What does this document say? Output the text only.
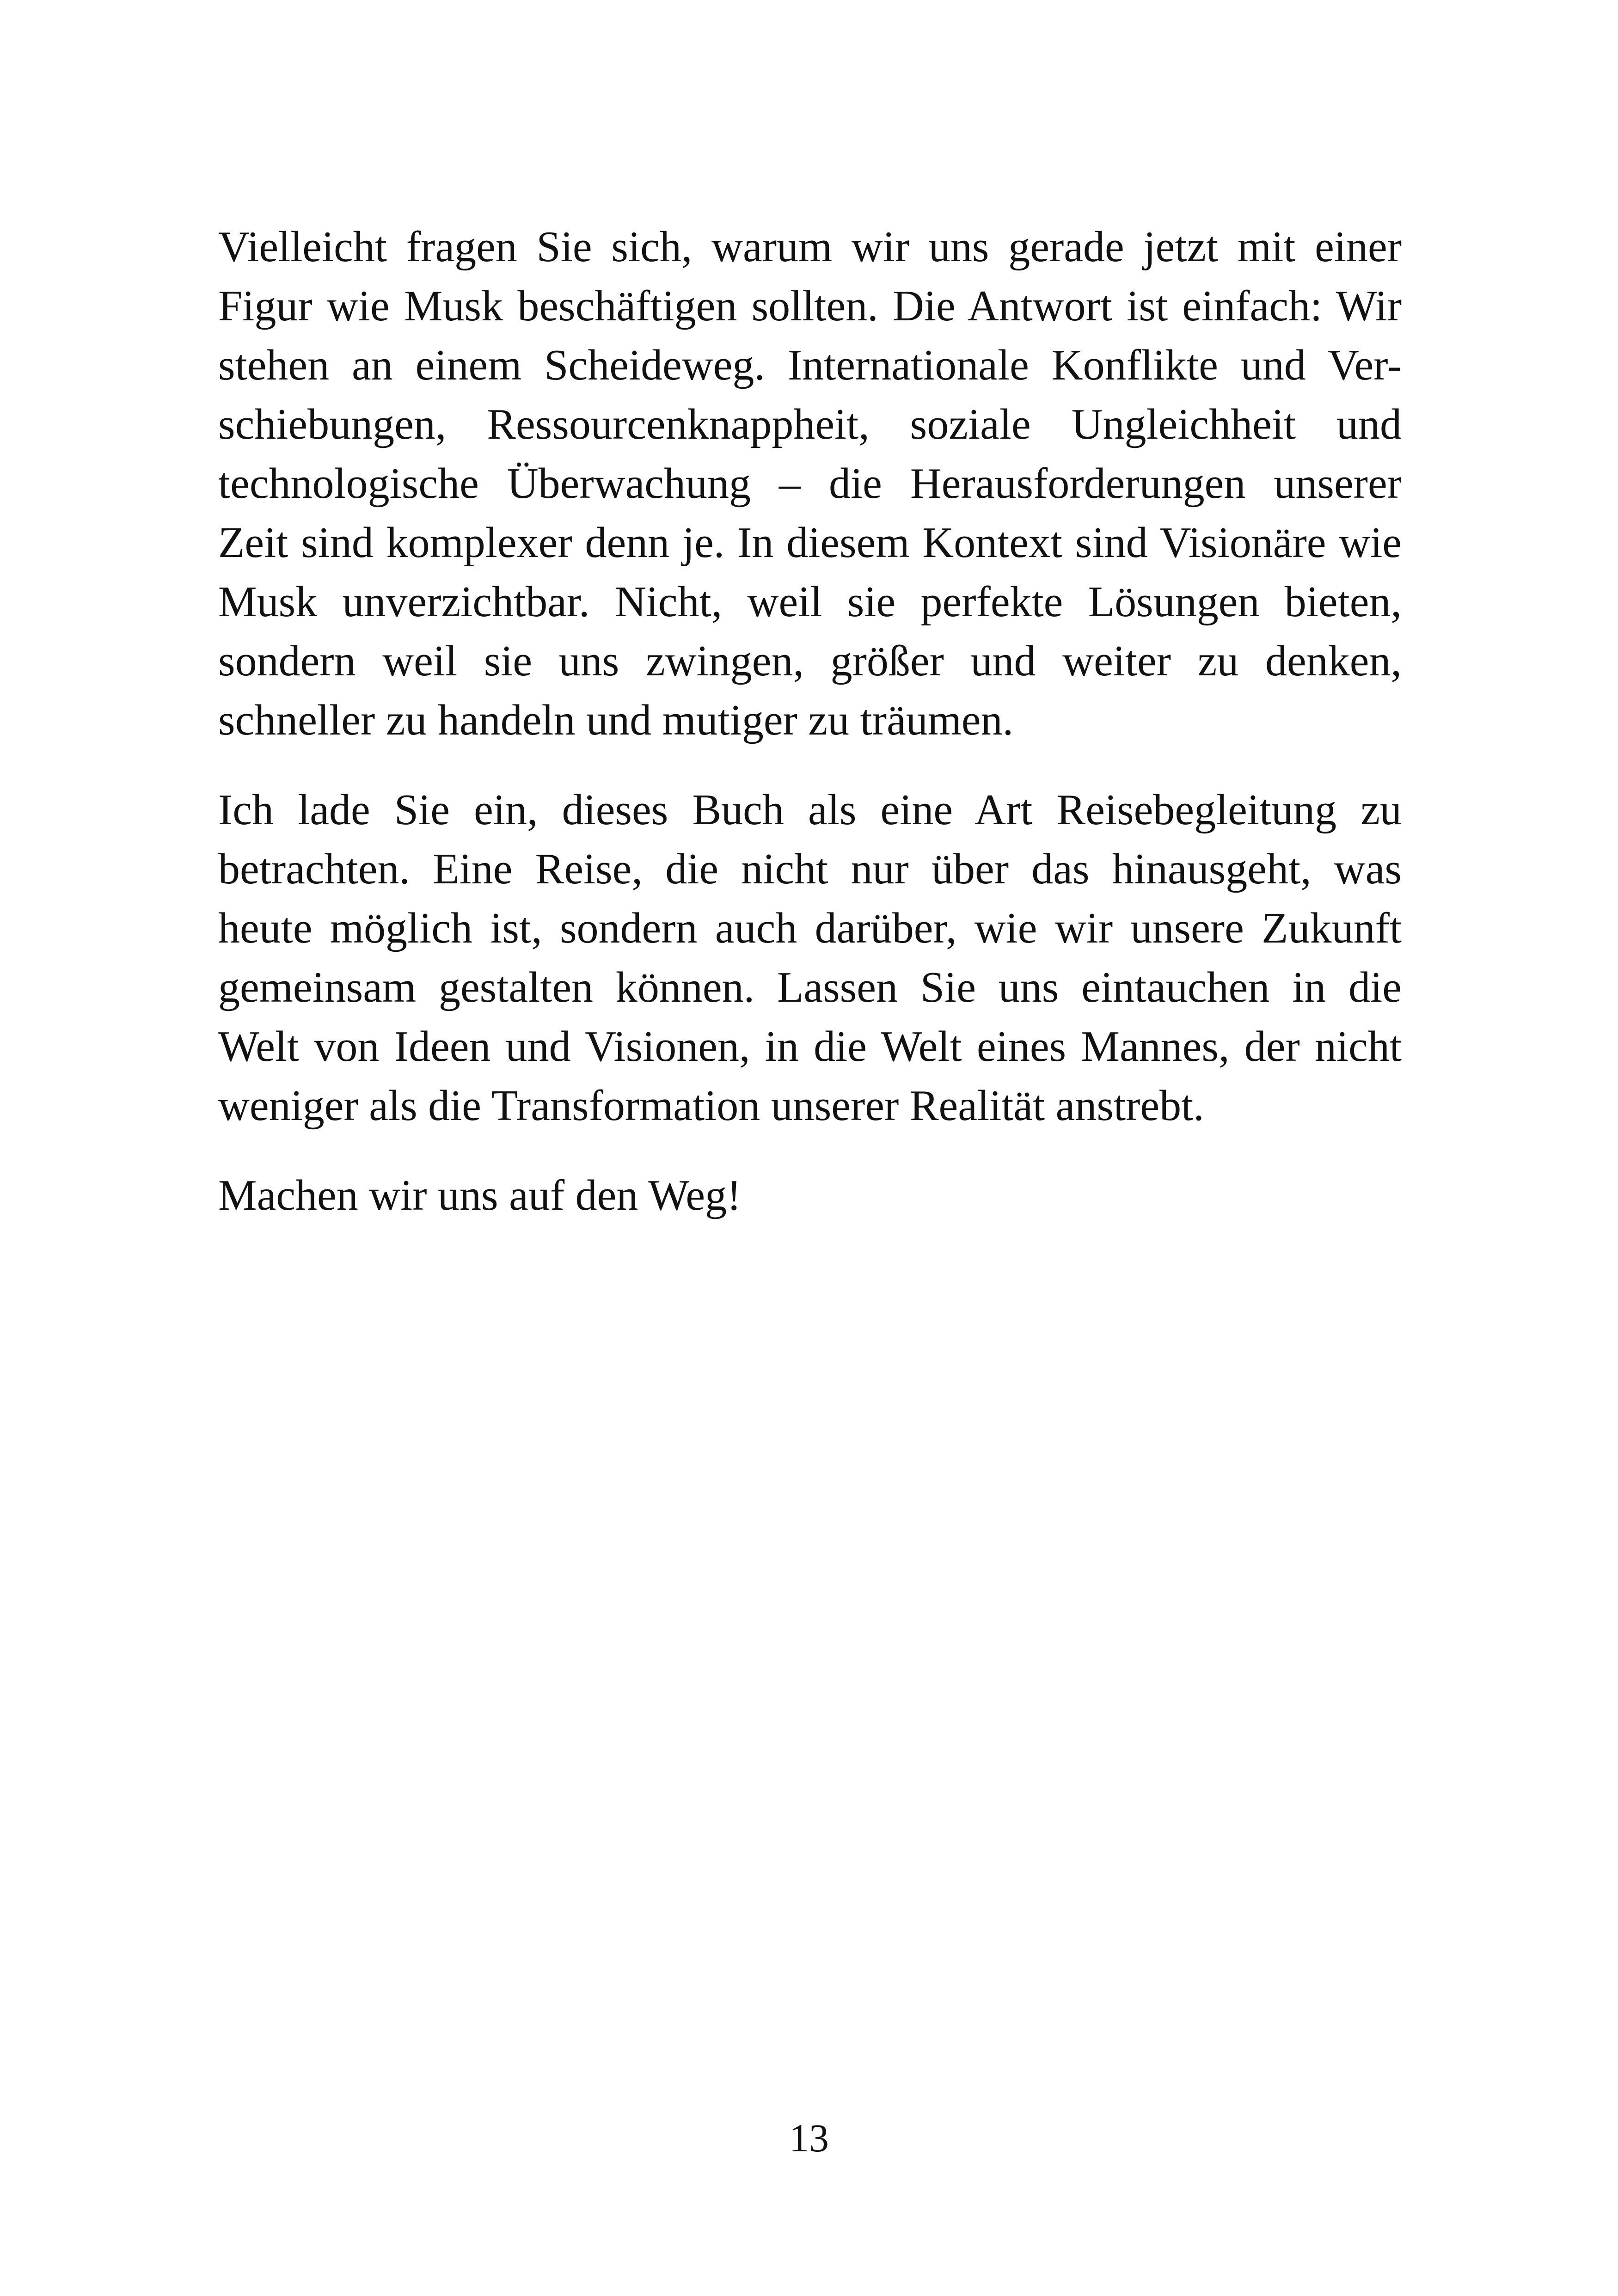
Vielleicht fragen Sie sich, warum wir uns gerade jetzt mit einer
Figur wie Musk beschäftigen sollten. Die Antwort ist einfach: Wir
stehen an einem Scheideweg. Internationale Konflikte und Ver-
schiebungen, Ressourcenknappheit, soziale Ungleichheit und
technologische Überwachung – die Herausforderungen unserer
Zeit sind komplexer denn je. In diesem Kontext sind Visionäre wie
Musk unverzichtbar. Nicht, weil sie perfekte Lösungen bieten,
sondern weil sie uns zwingen, größer und weiter zu denken,
schneller zu handeln und mutiger zu träumen.
Ich lade Sie ein, dieses Buch als eine Art Reisebegleitung zu
betrachten. Eine Reise, die nicht nur über das hinausgeht, was
heute möglich ist, sondern auch darüber, wie wir unsere Zukunft
gemeinsam gestalten können. Lassen Sie uns eintauchen in die
Welt von Ideen und Visionen, in die Welt eines Mannes, der nicht
weniger als die Transformation unserer Realität anstrebt.
Machen wir uns auf den Weg!
13
